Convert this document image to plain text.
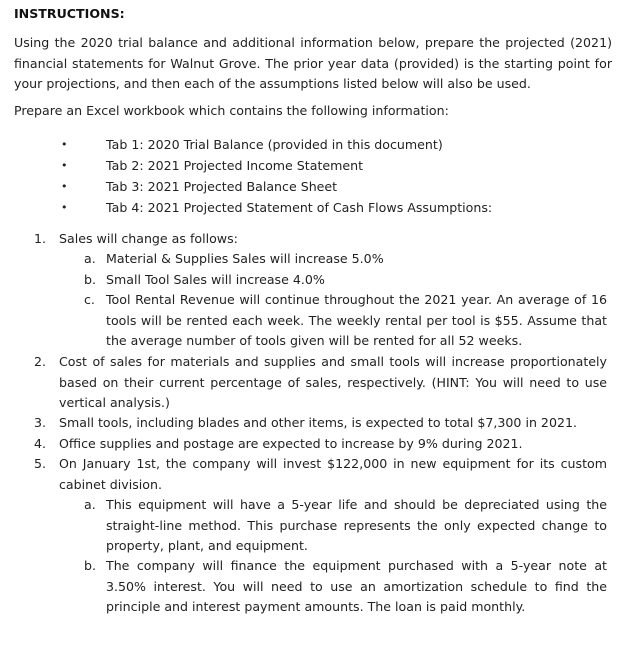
INSTRUCTIONS:
Using the 2020 trial balance and additional information below, prepare the projected (2021) financial statements for Walnut Grove. The prior year data (provided) is the starting point for your projections, and then each of the assumptions listed below will also be used.
Prepare an Excel workbook which contains the following information:
•	Tab 1: 2020 Trial Balance (provided in this document)
•	Tab 2: 2021 Projected Income Statement
•	Tab 3: 2021 Projected Balance Sheet
•	Tab 4: 2021 Projected Statement of Cash Flows Assumptions:
1. Sales will change as follows:
a. Material & Supplies Sales will increase 5.0%
b. Small Tool Sales will increase 4.0%
c. Tool Rental Revenue will continue throughout the 2021 year. An average of 16 tools will be rented each week. The weekly rental per tool is $55. Assume that the average number of tools given will be rented for all 52 weeks.
2. Cost of sales for materials and supplies and small tools will increase proportionately based on their current percentage of sales, respectively. (HINT: You will need to use vertical analysis.)
3. Small tools, including blades and other items, is expected to total $7,300 in 2021.
4. Office supplies and postage are expected to increase by 9% during 2021.
5. On January 1st, the company will invest $122,000 in new equipment for its custom cabinet division.
a. This equipment will have a 5-year life and should be depreciated using the straight-line method. This purchase represents the only expected change to property, plant, and equipment.
b. The company will finance the equipment purchased with a 5-year note at 3.50% interest. You will need to use an amortization schedule to find the principle and interest payment amounts. The loan is paid monthly.
